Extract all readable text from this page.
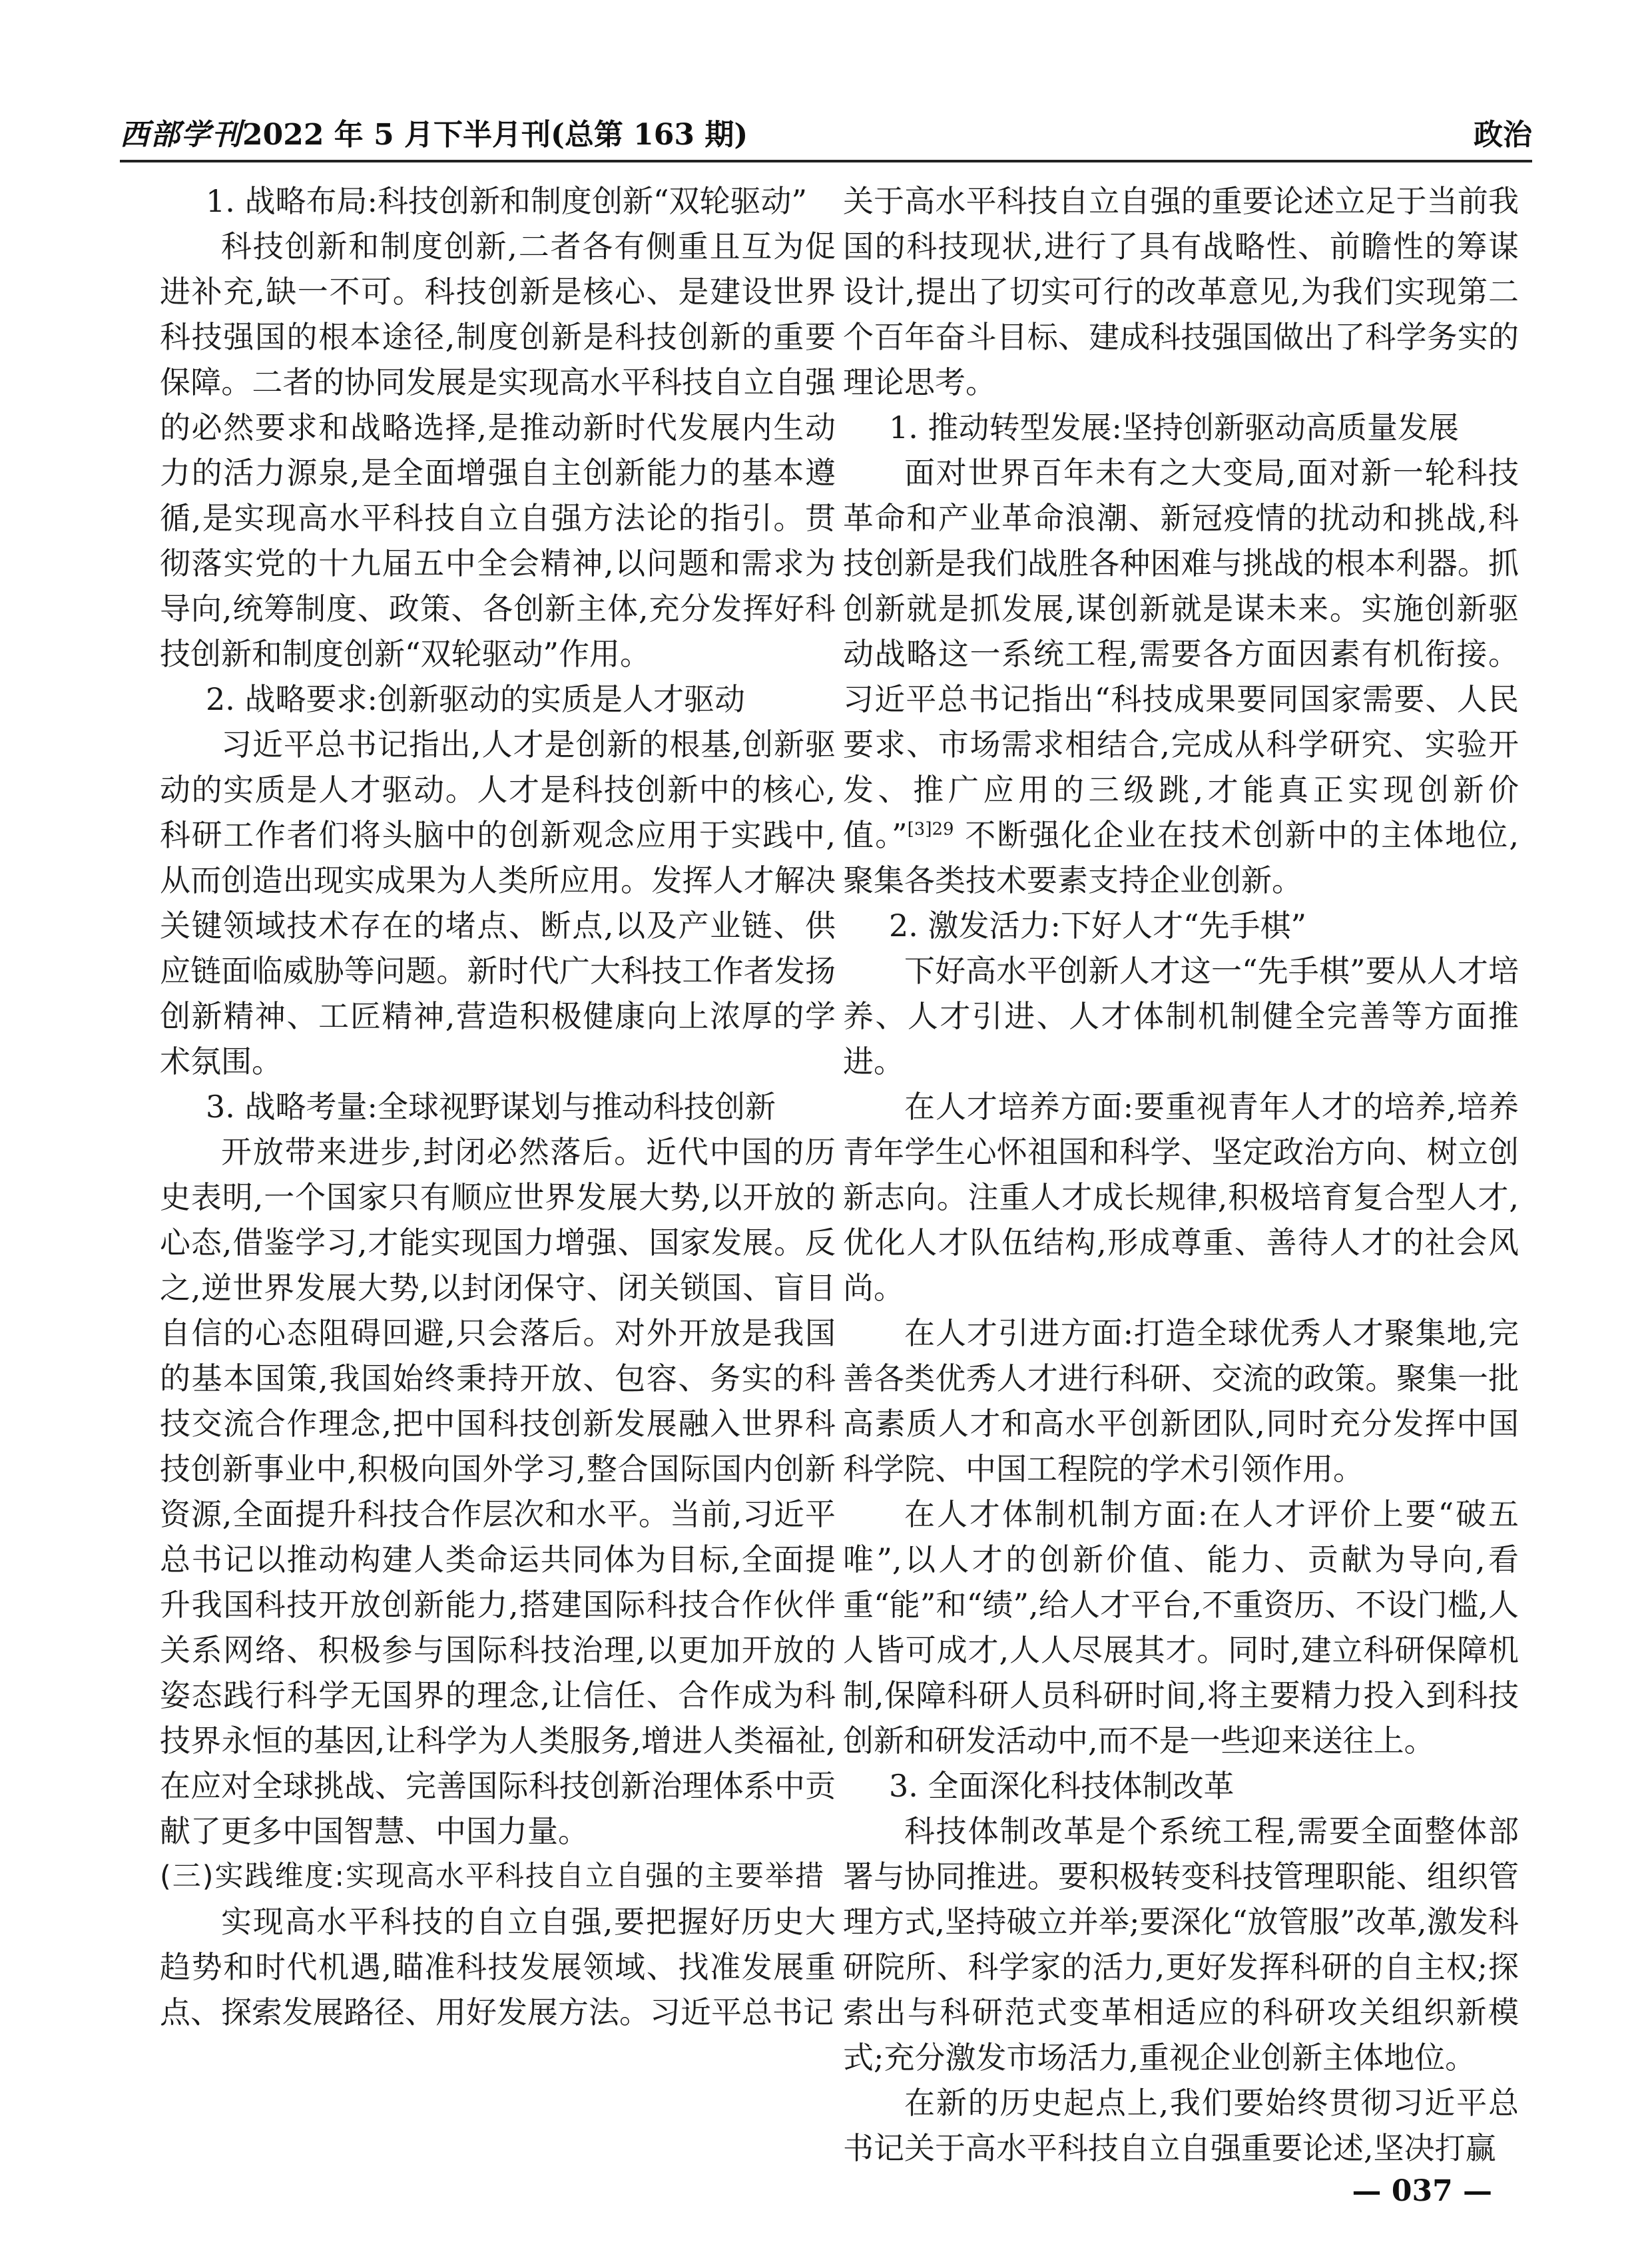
西部学刊2022 年 5 月下半月刊(总第 163 期)	政治
1. 战略布局:科技创新和制度创新“双轮驱动”

科技创新和制度创新,二者各有侧重且互为促进补充,缺一不可。科技创新是核心、是建设世界科技强国的根本途径,制度创新是科技创新的重要保障。二者的协同发展是实现高水平科技自立自强的必然要求和战略选择,是推动新时代发展内生动力的活力源泉,是全面增强自主创新能力的基本遵循,是实现高水平科技自立自强方法论的指引。贯彻落实党的十九届五中全会精神,以问题和需求为导向,统筹制度、政策、各创新主体,充分发挥好科技创新和制度创新“双轮驱动”作用。

2. 战略要求:创新驱动的实质是人才驱动

习近平总书记指出,人才是创新的根基,创新驱动的实质是人才驱动。人才是科技创新中的核心,科研工作者们将头脑中的创新观念应用于实践中,从而创造出现实成果为人类所应用。发挥人才解决关键领域技术存在的堵点、断点,以及产业链、供应链面临威胁等问题。新时代广大科技工作者发扬创新精神、工匠精神,营造积极健康向上浓厚的学术氛围。

3. 战略考量:全球视野谋划与推动科技创新

开放带来进步,封闭必然落后。近代中国的历史表明,一个国家只有顺应世界发展大势,以开放的心态,借鉴学习,才能实现国力增强、国家发展。反之,逆世界发展大势,以封闭保守、闭关锁国、盲目自信的心态阻碍回避,只会落后。对外开放是我国的基本国策,我国始终秉持开放、包容、务实的科技交流合作理念,把中国科技创新发展融入世界科技创新事业中,积极向国外学习,整合国际国内创新资源,全面提升科技合作层次和水平。当前,习近平总书记以推动构建人类命运共同体为目标,全面提升我国科技开放创新能力,搭建国际科技合作伙伴关系网络、积极参与国际科技治理,以更加开放的姿态践行科学无国界的理念,让信任、合作成为科技界永恒的基因,让科学为人类服务,增进人类福祉,在应对全球挑战、完善国际科技创新治理体系中贡献了更多中国智慧、中国力量。

(三)实践维度:实现高水平科技自立自强的主要举措

实现高水平科技的自立自强,要把握好历史大趋势和时代机遇,瞄准科技发展领域、找准发展重点、探索发展路径、用好发展方法。习近平总书记

关于高水平科技自立自强的重要论述立足于当前我国的科技现状,进行了具有战略性、前瞻性的筹谋设计,提出了切实可行的改革意见,为我们实现第二个百年奋斗目标、建成科技强国做出了科学务实的理论思考。

1. 推动转型发展:坚持创新驱动高质量发展

面对世界百年未有之大变局,面对新一轮科技革命和产业革命浪潮、新冠疫情的扰动和挑战,科技创新是我们战胜各种困难与挑战的根本利器。抓创新就是抓发展,谋创新就是谋未来。实施创新驱动战略这一系统工程,需要各方面因素有机衔接。习近平总书记指出“科技成果要同国家需要、人民要求、市场需求相结合,完成从科学研究、实验开发、推广应用的三级跳,才能真正实现创新价值。”$^{[3]29}$ 不断强化企业在技术创新中的主体地位,聚集各类技术要素支持企业创新。

2. 激发活力:下好人才“先手棋”

下好高水平创新人才这一“先手棋”要从人才培养、人才引进、人才体制机制健全完善等方面推进。

在人才培养方面:要重视青年人才的培养,培养青年学生心怀祖国和科学、坚定政治方向、树立创新志向。注重人才成长规律,积极培育复合型人才,优化人才队伍结构,形成尊重、善待人才的社会风尚。

在人才引进方面:打造全球优秀人才聚集地,完善各类优秀人才进行科研、交流的政策。聚集一批高素质人才和高水平创新团队,同时充分发挥中国科学院、中国工程院的学术引领作用。

在人才体制机制方面:在人才评价上要“破五唯”,以人才的创新价值、能力、贡献为导向,看重“能”和“绩”,给人才平台,不重资历、不设门槛,人人皆可成才,人人尽展其才。同时,建立科研保障机制,保障科研人员科研时间,将主要精力投入到科技创新和研发活动中,而不是一些迎来送往上。

3. 全面深化科技体制改革

科技体制改革是个系统工程,需要全面整体部署与协同推进。要积极转变科技管理职能、组织管理方式,坚持破立并举;要深化“放管服”改革,激发科研院所、科学家的活力,更好发挥科研的自主权;探索出与科研范式变革相适应的科研攻关组织新模式;充分激发市场活力,重视企业创新主体地位。

在新的历史起点上,我们要始终贯彻习近平总书记关于高水平科技自立自强重要论述,坚决打赢

— 037 —
